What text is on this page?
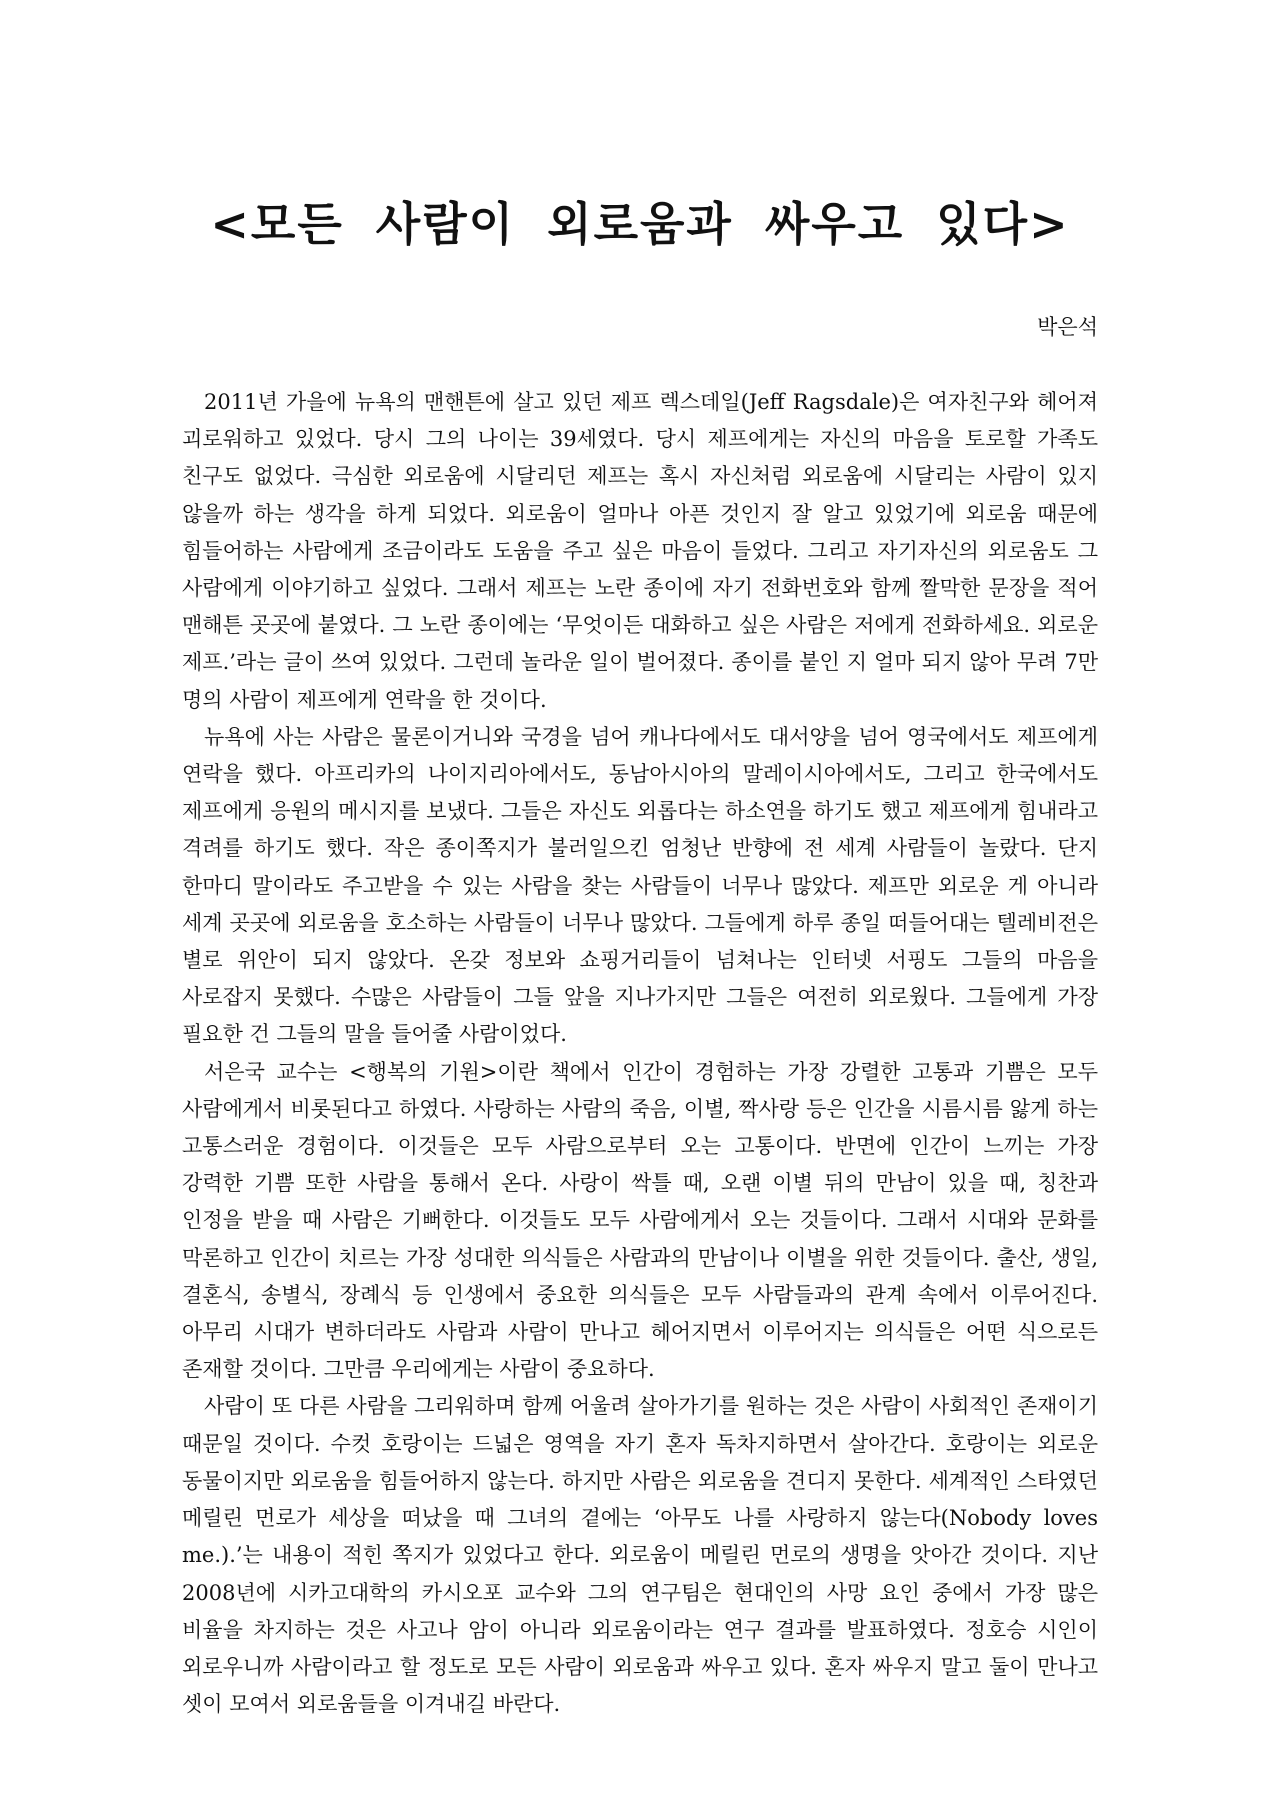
<모든 사람이 외로움과 싸우고 있다>

박은석

2011년 가을에 뉴욕의 맨핸튼에 살고 있던 제프 렉스데일(Jeff Ragsdale)은 여자친구와 헤어져 괴로워하고 있었다. 당시 그의 나이는 39세였다. 당시 제프에게는 자신의 마음을 토로할 가족도 친구도 없었다. 극심한 외로움에 시달리던 제프는 혹시 자신처럼 외로움에 시달리는 사람이 있지 않을까 하는 생각을 하게 되었다. 외로움이 얼마나 아픈 것인지 잘 알고 있었기에 외로움 때문에 힘들어하는 사람에게 조금이라도 도움을 주고 싶은 마음이 들었다. 그리고 자기자신의 외로움도 그 사람에게 이야기하고 싶었다. 그래서 제프는 노란 종이에 자기 전화번호와 함께 짤막한 문장을 적어 맨해튼 곳곳에 붙였다. 그 노란 종이에는 ‘무엇이든 대화하고 싶은 사람은 저에게 전화하세요. 외로운 제프.’라는 글이 쓰여 있었다. 그런데 놀라운 일이 벌어졌다. 종이를 붙인 지 얼마 되지 않아 무려 7만 명의 사람이 제프에게 연락을 한 것이다.

뉴욕에 사는 사람은 물론이거니와 국경을 넘어 캐나다에서도 대서양을 넘어 영국에서도 제프에게 연락을 했다. 아프리카의 나이지리아에서도, 동남아시아의 말레이시아에서도, 그리고 한국에서도 제프에게 응원의 메시지를 보냈다. 그들은 자신도 외롭다는 하소연을 하기도 했고 제프에게 힘내라고 격려를 하기도 했다. 작은 종이쪽지가 불러일으킨 엄청난 반향에 전 세계 사람들이 놀랐다. 단지 한마디 말이라도 주고받을 수 있는 사람을 찾는 사람들이 너무나 많았다. 제프만 외로운 게 아니라 세계 곳곳에 외로움을 호소하는 사람들이 너무나 많았다. 그들에게 하루 종일 떠들어대는 텔레비전은 별로 위안이 되지 않았다. 온갖 정보와 쇼핑거리들이 넘쳐나는 인터넷 서핑도 그들의 마음을 사로잡지 못했다. 수많은 사람들이 그들 앞을 지나가지만 그들은 여전히 외로웠다. 그들에게 가장 필요한 건 그들의 말을 들어줄 사람이었다.

서은국 교수는 <행복의 기원>이란 책에서 인간이 경험하는 가장 강렬한 고통과 기쁨은 모두 사람에게서 비롯된다고 하였다. 사랑하는 사람의 죽음, 이별, 짝사랑 등은 인간을 시름시름 앓게 하는 고통스러운 경험이다. 이것들은 모두 사람으로부터 오는 고통이다. 반면에 인간이 느끼는 가장 강력한 기쁨 또한 사람을 통해서 온다. 사랑이 싹틀 때, 오랜 이별 뒤의 만남이 있을 때, 칭찬과 인정을 받을 때 사람은 기뻐한다. 이것들도 모두 사람에게서 오는 것들이다. 그래서 시대와 문화를 막론하고 인간이 치르는 가장 성대한 의식들은 사람과의 만남이나 이별을 위한 것들이다. 출산, 생일, 결혼식, 송별식, 장례식 등 인생에서 중요한 의식들은 모두 사람들과의 관계 속에서 이루어진다. 아무리 시대가 변하더라도 사람과 사람이 만나고 헤어지면서 이루어지는 의식들은 어떤 식으로든 존재할 것이다. 그만큼 우리에게는 사람이 중요하다.

사람이 또 다른 사람을 그리워하며 함께 어울려 살아가기를 원하는 것은 사람이 사회적인 존재이기 때문일 것이다. 수컷 호랑이는 드넓은 영역을 자기 혼자 독차지하면서 살아간다. 호랑이는 외로운 동물이지만 외로움을 힘들어하지 않는다. 하지만 사람은 외로움을 견디지 못한다. 세계적인 스타였던 메릴린 먼로가 세상을 떠났을 때 그녀의 곁에는 ‘아무도 나를 사랑하지 않는다(Nobody loves me.).’는 내용이 적힌 쪽지가 있었다고 한다. 외로움이 메릴린 먼로의 생명을 앗아간 것이다. 지난 2008년에 시카고대학의 카시오포 교수와 그의 연구팀은 현대인의 사망 요인 중에서 가장 많은 비율을 차지하는 것은 사고나 암이 아니라 외로움이라는 연구 결과를 발표하였다. 정호승 시인이 외로우니까 사람이라고 할 정도로 모든 사람이 외로움과 싸우고 있다. 혼자 싸우지 말고 둘이 만나고 셋이 모여서 외로움들을 이겨내길 바란다.
